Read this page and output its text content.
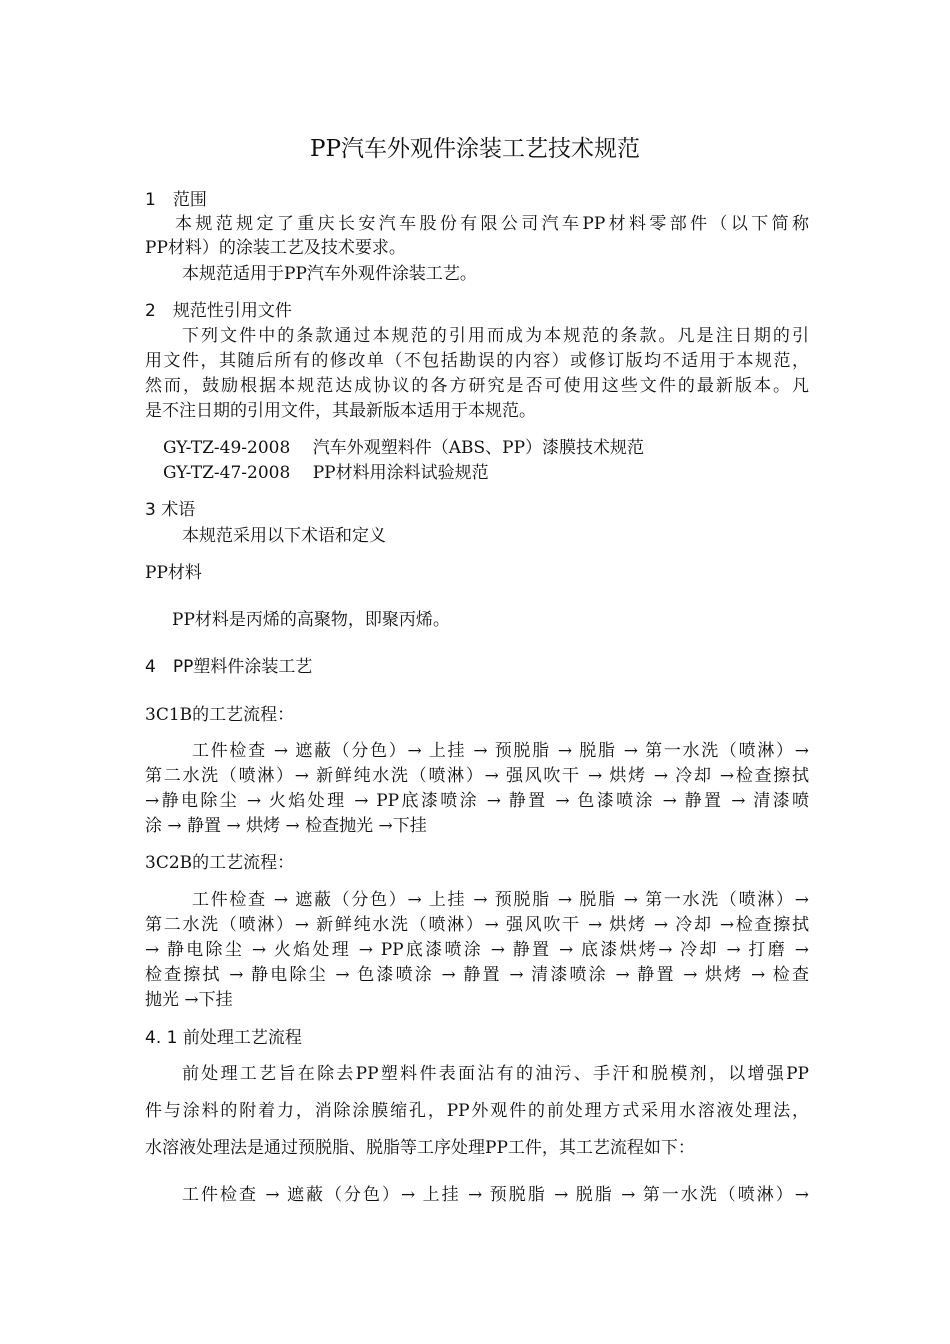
PP汽车外观件涂装工艺技术规范
1　范围
本规范规定了重庆长安汽车股份有限公司汽车PP材料零部件（以下简称
PP材料）的涂装工艺及技术要求。
本规范适用于PP汽车外观件涂装工艺。
2　规范性引用文件
下列文件中的条款通过本规范的引用而成为本规范的条款。凡是注日期的引
用文件，其随后所有的修改单（不包括勘误的内容）或修订版均不适用于本规范，
然而，鼓励根据本规范达成协议的各方研究是否可使用这些文件的最新版本。凡
是不注日期的引用文件，其最新版本适用于本规范。
GY-TZ-49-2008　 汽车外观塑料件（ABS、PP）漆膜技术规范
GY-TZ-47-2008　 PP材料用涂料试验规范
3 术语
本规范采用以下术语和定义
PP材料
PP材料是丙烯的高聚物，即聚丙烯。
4　PP塑料件涂装工艺
3C1B的工艺流程：
工件检查 → 遮蔽（分色）→ 上挂 → 预脱脂 → 脱脂 → 第一水洗（喷淋）→
第二水洗（喷淋）→ 新鲜纯水洗（喷淋）→ 强风吹干 → 烘烤 → 冷却 →检查擦拭
→静电除尘 → 火焰处理 → PP底漆喷涂 → 静置 → 色漆喷涂 → 静置 → 清漆喷
涂 → 静置 → 烘烤 → 检查抛光 →下挂
3C2B的工艺流程：
工件检查 → 遮蔽（分色）→ 上挂 → 预脱脂 → 脱脂 → 第一水洗（喷淋）→
第二水洗（喷淋）→ 新鲜纯水洗（喷淋）→ 强风吹干 → 烘烤 → 冷却 →检查擦拭
→ 静电除尘 → 火焰处理 → PP底漆喷涂 → 静置 → 底漆烘烤→ 冷却 → 打磨 →
检查擦拭 → 静电除尘 → 色漆喷涂 → 静置 → 清漆喷涂 → 静置 → 烘烤 → 检查
抛光 →下挂
4. 1 前处理工艺流程
前处理工艺旨在除去PP塑料件表面沾有的油污、手汗和脱模剂，以增强PP
件与涂料的附着力，消除涂膜缩孔，PP外观件的前处理方式采用水溶液处理法，
水溶液处理法是通过预脱脂、脱脂等工序处理PP工件，其工艺流程如下：
工件检查 → 遮蔽（分色）→ 上挂 → 预脱脂 → 脱脂 → 第一水洗（喷淋）→
